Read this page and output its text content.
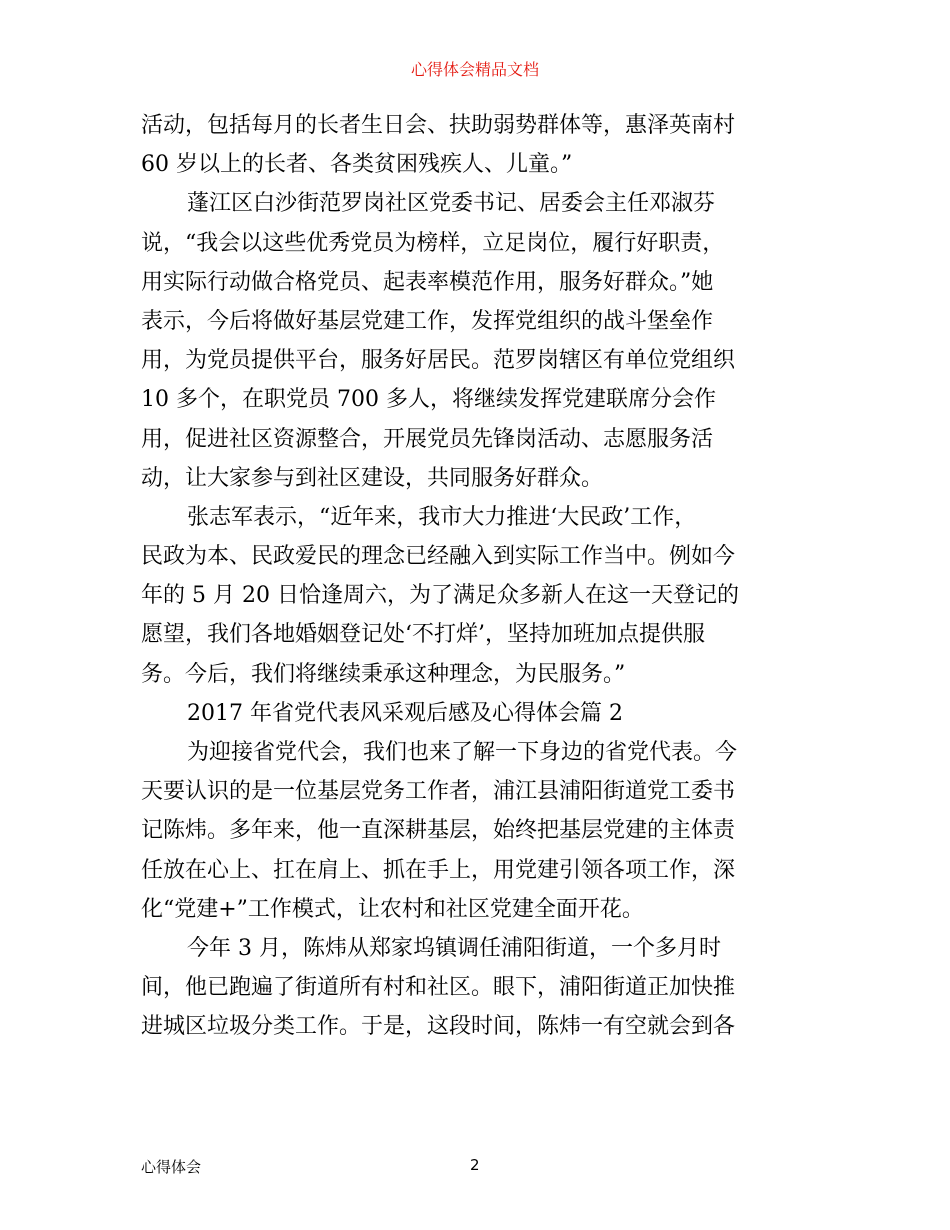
心得体会精品文档
活动，包括每月的长者生日会、扶助弱势群体等，惠泽英南村
60 岁以上的长者、各类贫困残疾人、儿童。”
蓬江区白沙街范罗岗社区党委书记、居委会主任邓淑芬
说，“我会以这些优秀党员为榜样，立足岗位，履行好职责，
用实际行动做合格党员、起表率模范作用，服务好群众。”她
表示，今后将做好基层党建工作，发挥党组织的战斗堡垒作
用，为党员提供平台，服务好居民。范罗岗辖区有单位党组织
10 多个，在职党员 700 多人，将继续发挥党建联席分会作
用，促进社区资源整合，开展党员先锋岗活动、志愿服务活
动，让大家参与到社区建设，共同服务好群众。
张志军表示，“近年来，我市大力推进‘大民政’工作，
民政为本、民政爱民的理念已经融入到实际工作当中。例如今
年的 5 月 20 日恰逢周六，为了满足众多新人在这一天登记的
愿望，我们各地婚姻登记处‘不打烊’，坚持加班加点提供服
务。今后，我们将继续秉承这种理念，为民服务。”
2017 年省党代表风采观后感及心得体会篇 2
为迎接省党代会，我们也来了解一下身边的省党代表。今
天要认识的是一位基层党务工作者，浦江县浦阳街道党工委书
记陈炜。多年来，他一直深耕基层，始终把基层党建的主体责
任放在心上、扛在肩上、抓在手上，用党建引领各项工作，深
化“党建+”工作模式，让农村和社区党建全面开花。
今年 3 月，陈炜从郑家坞镇调任浦阳街道，一个多月时
间，他已跑遍了街道所有村和社区。眼下，浦阳街道正加快推
进城区垃圾分类工作。于是，这段时间，陈炜一有空就会到各
心得体会	2
